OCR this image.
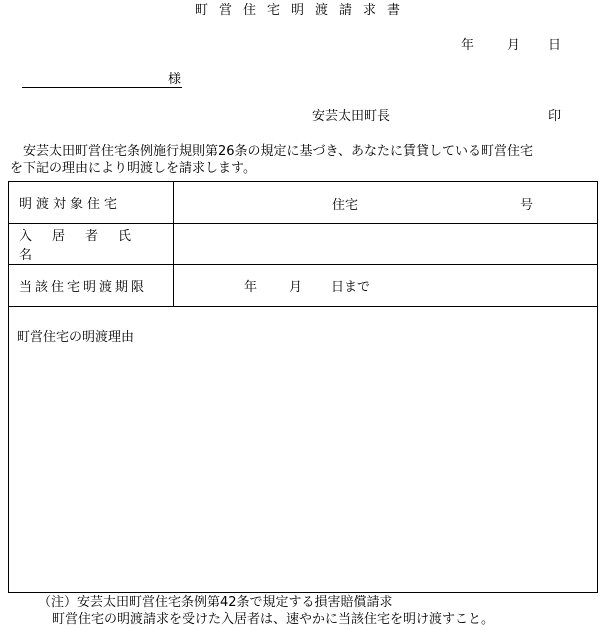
町営住宅明渡請求書
年	月 日
様
安芸太田町長	印
安芸太田町営住宅条例施行規則第26条の規定に基づき、あなたに賃貸している町営住宅
を下記の理由により明渡しを請求します。
明渡対象住宅	住宅	号
入居者氏名
当該住宅明渡期限	年 月 日まで
町営住宅の明渡理由
（注）安芸太田町営住宅条例第42条で規定する損害賠償請求
町営住宅の明渡請求を受けた入居者は、速やかに当該住宅を明け渡すこと。
